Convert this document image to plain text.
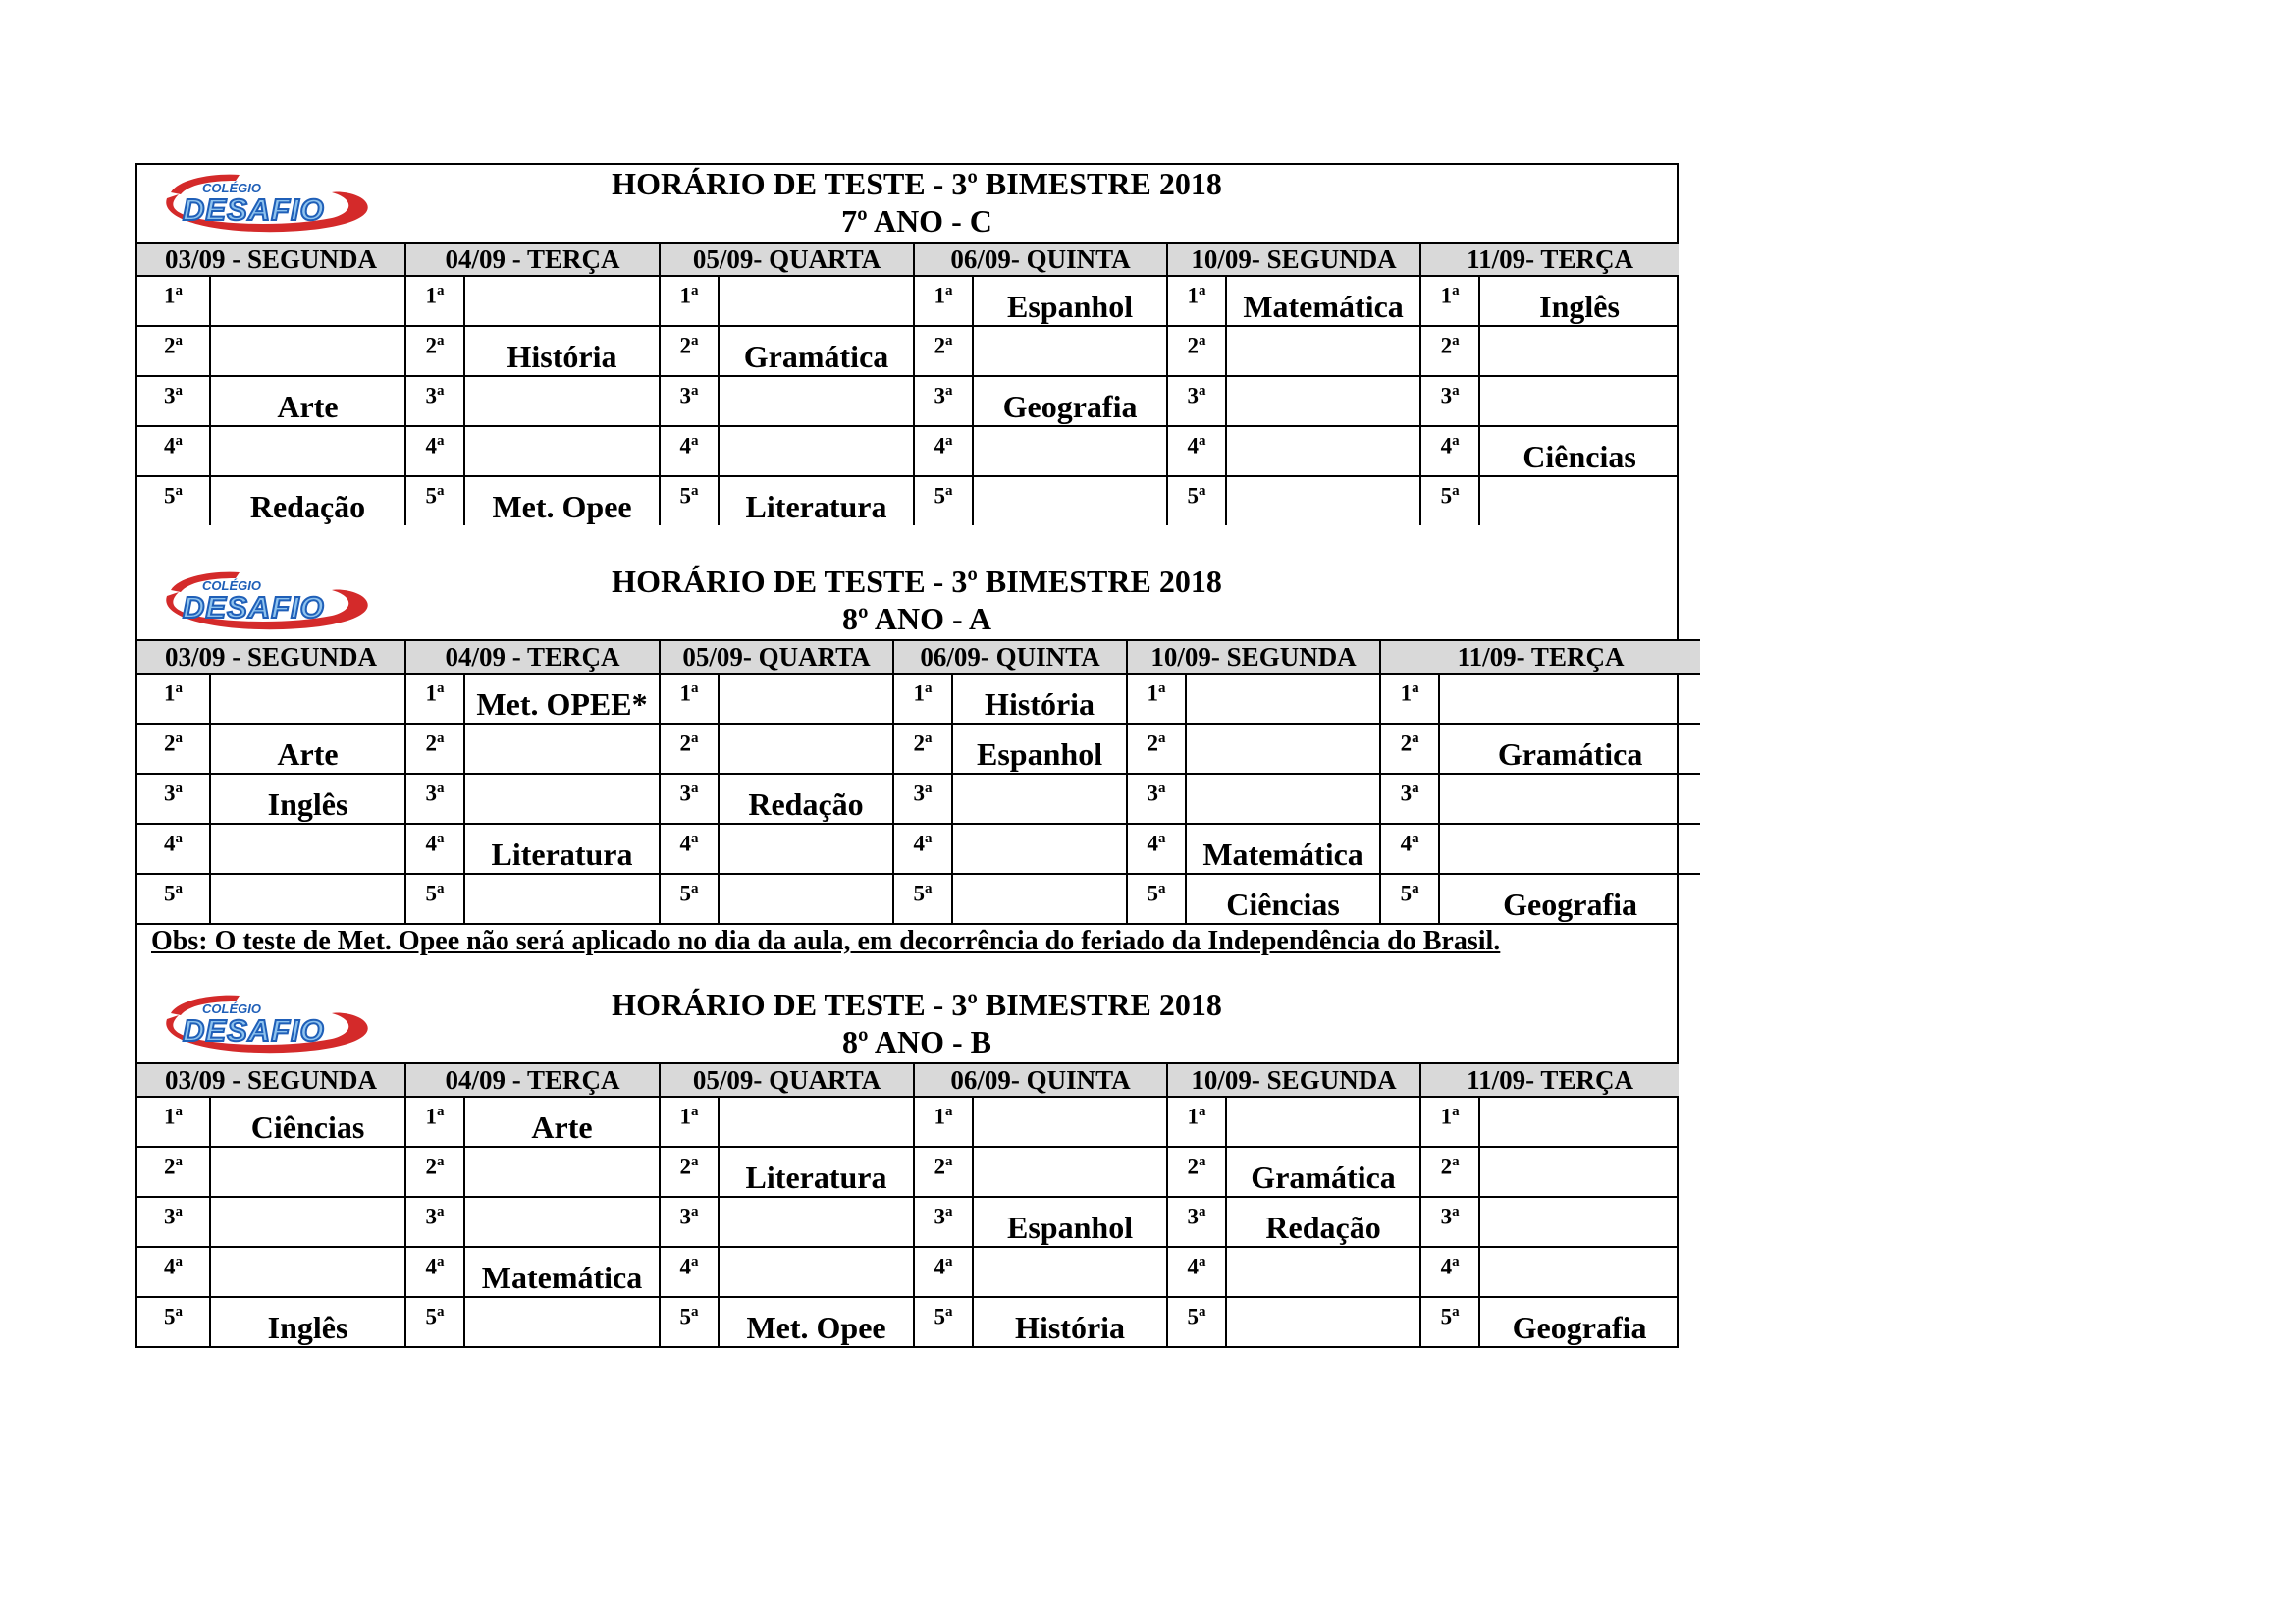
COLÉGIO
DESAFIO
HORÁRIO DE TESTE - 3º BIMESTRE 2018
7º ANO - C
03/09 - SEGUNDA		04/09 - TERÇA		05/09- QUARTA		06/09- QUINTA		10/09- SEGUNDA		11/09- TERÇA	
1$^a$		1$^a$		1$^a$		1$^a$	Espanhol	1$^a$	Matemática	1$^a$	Inglês
2$^a$		2$^a$	História	2$^a$	Gramática	2$^a$		2$^a$		2$^a$	
3$^a$	Arte	3$^a$		3$^a$		3$^a$	Geografia	3$^a$		3$^a$	
4$^a$		4$^a$		4$^a$		4$^a$		4$^a$		4$^a$	Ciências
5$^a$	Redação	5$^a$	Met. Opee	5$^a$	Literatura	5$^a$		5$^a$		5$^a$	
COLÉGIO
DESAFIO
HORÁRIO DE TESTE - 3º BIMESTRE 2018
8º ANO - A
03/09 - SEGUNDA		04/09 - TERÇA		05/09- QUARTA		06/09- QUINTA		10/09- SEGUNDA		11/09- TERÇA	
1$^a$		1$^a$	Met. OPEE*	1$^a$		1$^a$	História	1$^a$		1$^a$	
2$^a$	Arte	2$^a$		2$^a$		2$^a$	Espanhol	2$^a$		2$^a$	Gramática
3$^a$	Inglês	3$^a$		3$^a$	Redação	3$^a$		3$^a$		3$^a$	
4$^a$		4$^a$	Literatura	4$^a$		4$^a$		4$^a$	Matemática	4$^a$	
5$^a$		5$^a$		5$^a$		5$^a$		5$^a$	Ciências	5$^a$	Geografia
Obs: O teste de Met. Opee não será aplicado no dia da aula, em decorrência do feriado da Independência do Brasil.
COLÉGIO
DESAFIO
HORÁRIO DE TESTE - 3º BIMESTRE 2018
8º ANO - B
03/09 - SEGUNDA		04/09 - TERÇA		05/09- QUARTA		06/09- QUINTA		10/09- SEGUNDA		11/09- TERÇA	
1$^a$	Ciências	1$^a$	Arte	1$^a$		1$^a$		1$^a$		1$^a$	
2$^a$		2$^a$		2$^a$	Literatura	2$^a$		2$^a$	Gramática	2$^a$	
3$^a$		3$^a$		3$^a$		3$^a$	Espanhol	3$^a$	Redação	3$^a$	
4$^a$		4$^a$	Matemática	4$^a$		4$^a$		4$^a$		4$^a$	
5$^a$	Inglês	5$^a$		5$^a$	Met. Opee	5$^a$	História	5$^a$		5$^a$	Geografia
